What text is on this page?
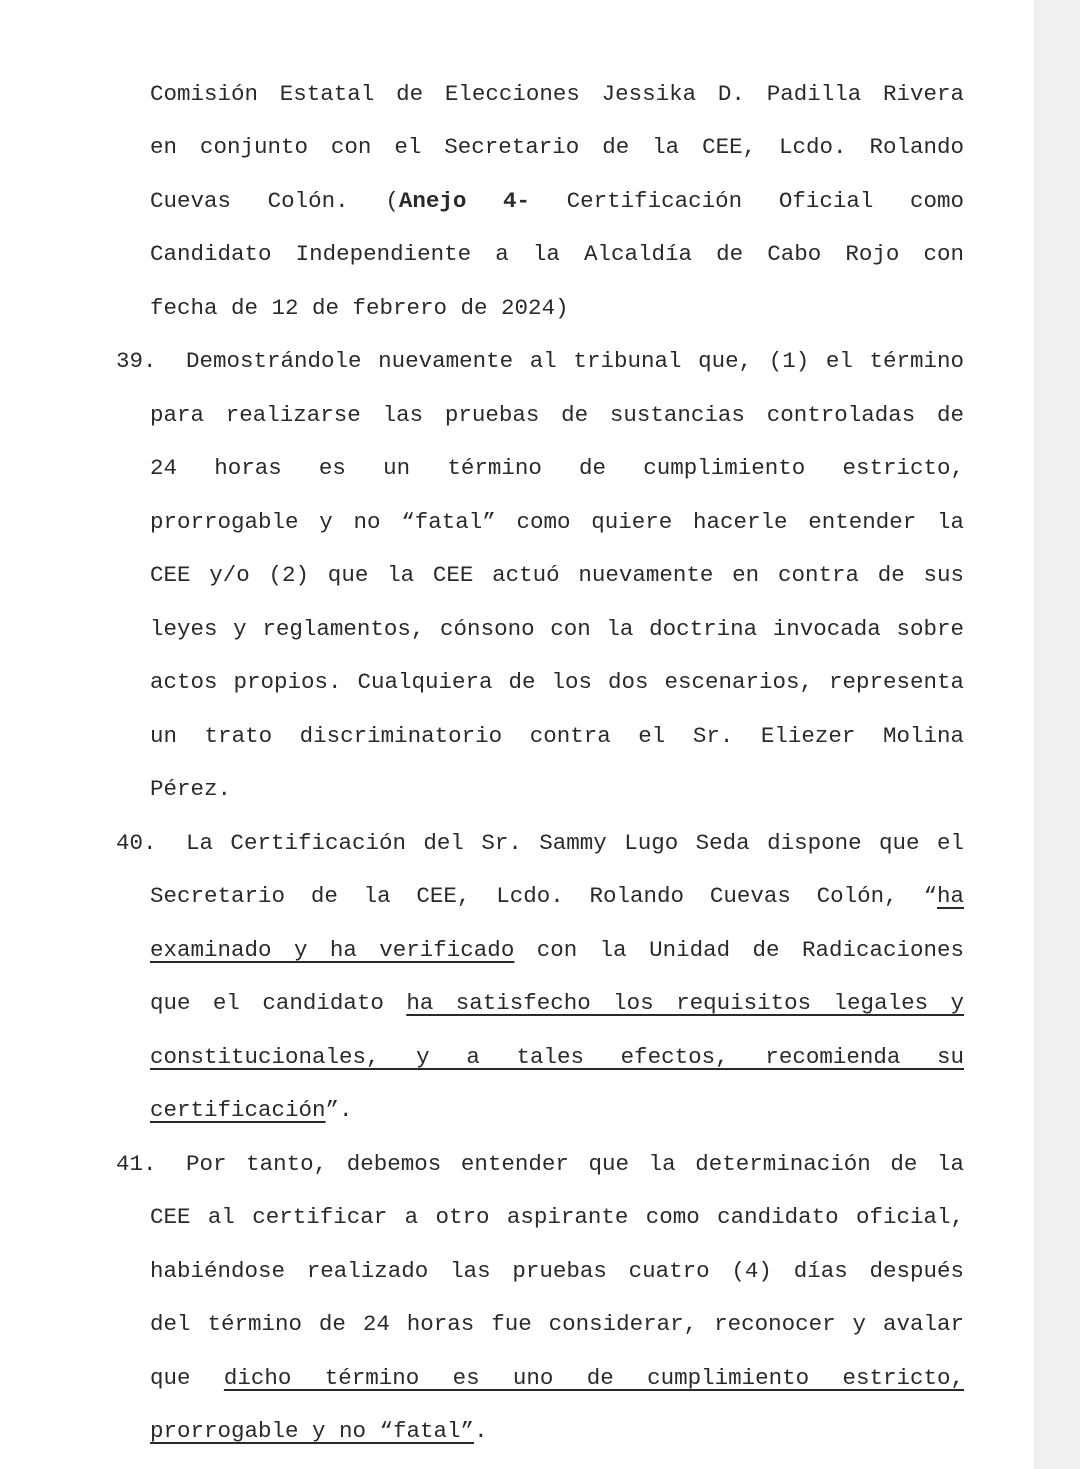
Comisión Estatal de Elecciones Jessika D. Padilla Rivera
en conjunto con el Secretario de la CEE, Lcdo. Rolando
Cuevas Colón. (Anejo 4- Certificación Oficial como
Candidato Independiente a la Alcaldía de Cabo Rojo con
fecha de 12 de febrero de 2024)
39. Demostrándole nuevamente al tribunal que, (1) el término
para realizarse las pruebas de sustancias controladas de
24 horas es un término de cumplimiento estricto,
prorrogable y no “fatal” como quiere hacerle entender la
CEE y/o (2) que la CEE actuó nuevamente en contra de sus
leyes y reglamentos, cónsono con la doctrina invocada sobre
actos propios. Cualquiera de los dos escenarios, representa
un trato discriminatorio contra el Sr. Eliezer Molina
Pérez.
40. La Certificación del Sr. Sammy Lugo Seda dispone que el
Secretario de la CEE, Lcdo. Rolando Cuevas Colón, “ha
examinado y ha verificado con la Unidad de Radicaciones
que el candidato ha satisfecho los requisitos legales y
constitucionales, y a tales efectos, recomienda su
certificación”.
41. Por tanto, debemos entender que la determinación de la
CEE al certificar a otro aspirante como candidato oficial,
habiéndose realizado las pruebas cuatro (4) días después
del término de 24 horas fue considerar, reconocer y avalar
que dicho término es uno de cumplimiento estricto,
prorrogable y no “fatal”.
